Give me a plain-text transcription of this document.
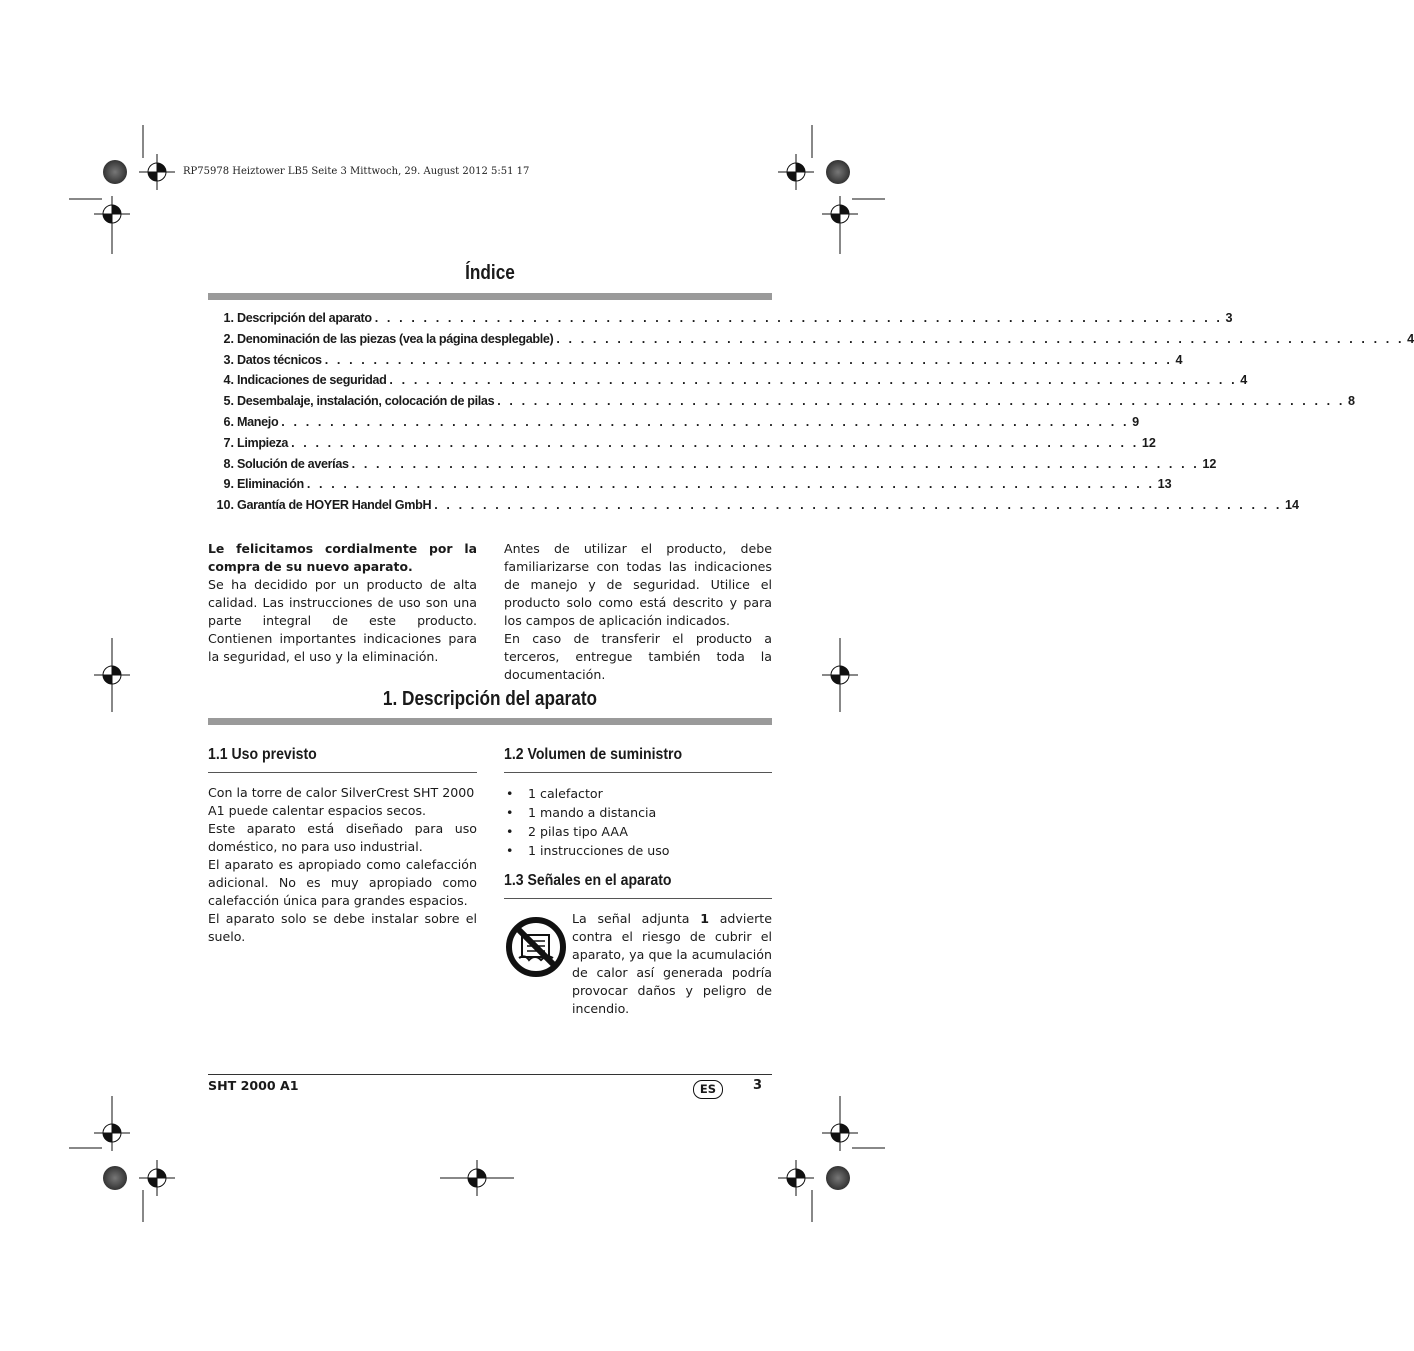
RP75978 Heiztower LB5 Seite 3 Mittwoch, 29. August 2012 5:51 17
Índice
1. Descripción del aparato . . . . . . . . . . . . . . . . . . . . . . . . . . . . . . . . . . . . . . . . . . . . . . . . . . . . . . . . . . . . . . . . . . . . . . 3
2. Denominación de las piezas (vea la página desplegable) . . . . . . . . . . . . . . . . . . . . . . . . . . . . . . . . . . . . . . . . . . . . . . . . . . . . . . . . . . . . . . . . . . . . . . 4
3. Datos técnicos . . . . . . . . . . . . . . . . . . . . . . . . . . . . . . . . . . . . . . . . . . . . . . . . . . . . . . . . . . . . . . . . . . . . . . 4
4. Indicaciones de seguridad . . . . . . . . . . . . . . . . . . . . . . . . . . . . . . . . . . . . . . . . . . . . . . . . . . . . . . . . . . . . . . . . . . . . . . 4
5. Desembalaje, instalación, colocación de pilas . . . . . . . . . . . . . . . . . . . . . . . . . . . . . . . . . . . . . . . . . . . . . . . . . . . . . . . . . . . . . . . . . . . . . . 8
6. Manejo . . . . . . . . . . . . . . . . . . . . . . . . . . . . . . . . . . . . . . . . . . . . . . . . . . . . . . . . . . . . . . . . . . . . . . 9
7. Limpieza . . . . . . . . . . . . . . . . . . . . . . . . . . . . . . . . . . . . . . . . . . . . . . . . . . . . . . . . . . . . . . . . . . . . . . 12
8. Solución de averías . . . . . . . . . . . . . . . . . . . . . . . . . . . . . . . . . . . . . . . . . . . . . . . . . . . . . . . . . . . . . . . . . . . . . . 12
9. Eliminación . . . . . . . . . . . . . . . . . . . . . . . . . . . . . . . . . . . . . . . . . . . . . . . . . . . . . . . . . . . . . . . . . . . . . . 13
10. Garantía de HOYER Handel GmbH . . . . . . . . . . . . . . . . . . . . . . . . . . . . . . . . . . . . . . . . . . . . . . . . . . . . . . . . . . . . . . . . . . . . . . 14

Le felicitamos cordialmente por la compra de su nuevo aparato.

Se ha decidido por un producto de alta calidad. Las instrucciones de uso son una parte integral de este producto. Contienen importantes indicaciones para la seguridad, el uso y la eliminación.

Antes de utilizar el producto, debe familiarizarse con todas las indicaciones de manejo y de seguridad. Utilice el producto solo como está descrito y para los campos de aplicación indicados.

En caso de transferir el producto a terceros, entregue también toda la documentación.

1. Descripción del aparato
1.1 Uso previsto

Con la torre de calor SilverCrest SHT 2000 A1 puede calentar espacios secos.

Este aparato está diseñado para uso doméstico, no para uso industrial.

El aparato es apropiado como calefacción adicional. No es muy apropiado como calefacción única para grandes espacios.

El aparato solo se debe instalar sobre el suelo.

1.2 Volumen de suministro
• 1 calefactor
• 1 mando a distancia
• 2 pilas tipo AAA
• 1 instrucciones de uso
1.3 Señales en el aparato

La señal adjunta 1 advierte contra el riesgo de cubrir el aparato, ya que la acumulación de calor así generada podría provocar daños y peligro de incendio.

SHT 2000 A1	ES	3
